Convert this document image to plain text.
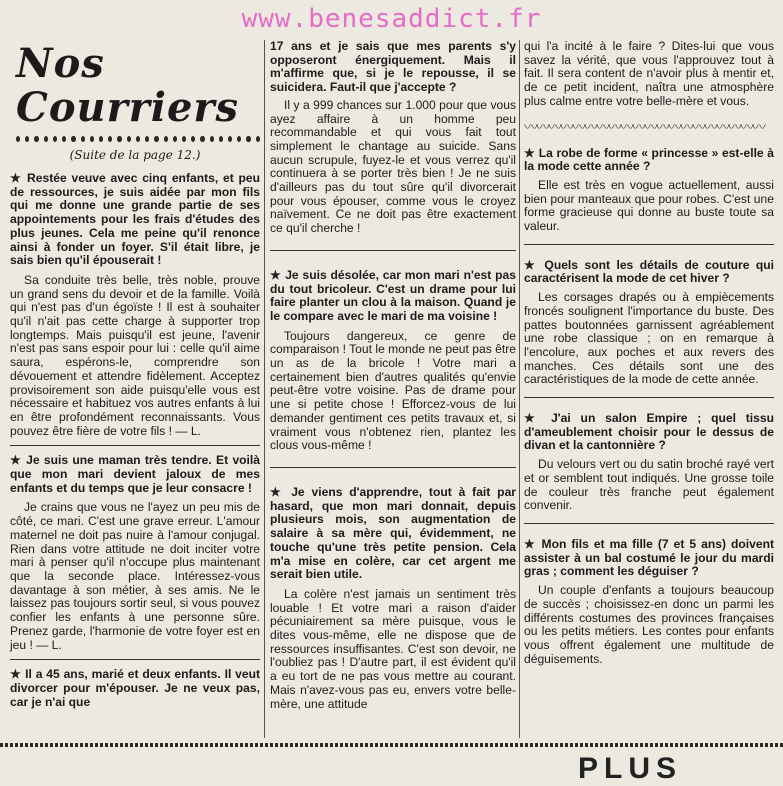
www.benesaddict.fr
Nos Courriers
(Suite de la page 12.)

★ Restée veuve avec cinq enfants, et peu de ressources, je suis aidée par mon fils qui me donne une grande partie de ses appointements pour les frais d'études des plus jeunes. Cela me peine qu'il renonce ainsi à fonder un foyer. S'il était libre, je sais bien qu'il épouserait !

Sa conduite très belle, très noble, prouve un grand sens du devoir et de la famille. Voilà qui n'est pas d'un égoïste ! Il est à souhaiter qu'il n'ait pas cette charge à supporter trop longtemps. Mais puisqu'il est jeune, l'avenir n'est pas sans espoir pour lui : celle qu'il aime saura, espérons-le, comprendre son dévouement et attendre fidèlement. Acceptez provisoirement son aide puisqu'elle vous est nécessaire et habituez vos autres enfants à lui en être profondément reconnaissants. Vous pouvez être fière de votre fils ! — L.

★ Je suis une maman très tendre. Et voilà que mon mari devient jaloux de mes enfants et du temps que je leur consacre !

Je crains que vous ne l'ayez un peu mis de côté, ce mari. C'est une grave erreur. L'amour maternel ne doit pas nuire à l'amour conjugal. Rien dans votre attitude ne doit inciter votre mari à penser qu'il n'occupe plus maintenant que la seconde place. Intéressez-vous davantage à son métier, à ses amis. Ne le laissez pas toujours sortir seul, si vous pouvez confier les enfants à une personne sûre. Prenez garde, l'harmonie de votre foyer est en jeu ! — L.

★ Il a 45 ans, marié et deux enfants. Il veut divorcer pour m'épouser. Je ne veux pas, car je n'ai que

17 ans et je sais que mes parents s'y opposeront énergiquement. Mais il m'affirme que, si je le repousse, il se suicidera. Faut-il que j'accepte ?

Il y a 999 chances sur 1.000 pour que vous ayez affaire à un homme peu recommandable et qui vous fait tout simplement le chantage au suicide. Sans aucun scrupule, fuyez-le et vous verrez qu'il continuera à se porter très bien ! Je ne suis d'ailleurs pas du tout sûre qu'il divorcerait pour vous épouser, comme vous le croyez naïvement. Ce ne doit pas être exactement ce qu'il cherche !

★ Je suis désolée, car mon mari n'est pas du tout bricoleur. C'est un drame pour lui faire planter un clou à la maison. Quand je le compare avec le mari de ma voisine !

Toujours dangereux, ce genre de comparaison ! Tout le monde ne peut pas être un as de la bricole ! Votre mari a certainement bien d'autres qualités qu'envie peut-être votre voisine. Pas de drame pour une si petite chose ! Efforcez-vous de lui demander gentiment ces petits travaux et, si vraiment vous n'obtenez rien, plantez les clous vous-même !

★ Je viens d'apprendre, tout à fait par hasard, que mon mari donnait, depuis plusieurs mois, son augmentation de salaire à sa mère qui, évidemment, ne touche qu'une très petite pension. Cela m'a mise en colère, car cet argent me serait bien utile.

La colère n'est jamais un sentiment très louable ! Et votre mari a raison d'aider pécuniairement sa mère puisque, vous le dites vous-même, elle ne dispose que de ressources insuffisantes. C'est son devoir, ne l'oubliez pas ! D'autre part, il est évident qu'il a eu tort de ne pas vous mettre au courant. Mais n'avez-vous pas eu, envers votre belle-mère, une attitude

qui l'a incité à le faire ? Dites-lui que vous savez la vérité, que vous l'approuvez tout à fait. Il sera content de n'avoir plus à mentir et, de ce petit incident, naîtra une atmosphère plus calme entre votre belle-mère et vous.

〰〰〰〰〰〰〰〰〰〰〰〰〰〰〰〰〰〰〰〰

★ La robe de forme « princesse » est-elle à la mode cette année ?

Elle est très en vogue actuellement, aussi bien pour manteaux que pour robes. C'est une forme gracieuse qui donne au buste toute sa valeur.

★ Quels sont les détails de couture qui caractérisent la mode de cet hiver ?

Les corsages drapés ou à empiècements froncés soulignent l'importance du buste. Des pattes boutonnées garnissent agréablement une robe classique ; on en remarque à l'encolure, aux poches et aux revers des manches. Ces détails sont une des caractéristiques de la mode de cette année.

★ J'ai un salon Empire ; quel tissu d'ameublement choisir pour le dessus de divan et la cantonnière ?

Du velours vert ou du satin broché rayé vert et or semblent tout indiqués. Une grosse toile de couleur très franche peut également convenir.

★ Mon fils et ma fille (7 et 5 ans) doivent assister à un bal costumé le jour du mardi gras ; comment les déguiser ?

Un couple d'enfants a toujours beaucoup de succès ; choisissez-en donc un parmi les différents costumes des provinces françaises ou les petits métiers. Les contes pour enfants vous offrent également une multitude de déguisements.

PLUS
